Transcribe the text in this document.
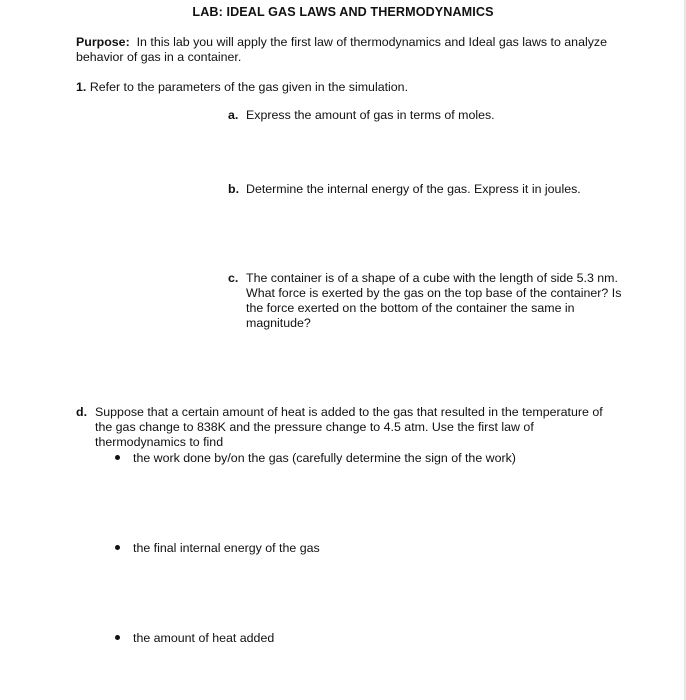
LAB: IDEAL GAS LAWS AND THERMODYNAMICS
Purpose: In this lab you will apply the first law of thermodynamics and Ideal gas laws to analyze behavior of gas in a container.
1. Refer to the parameters of the gas given in the simulation.
a. Express the amount of gas in terms of moles.
b. Determine the internal energy of the gas. Express it in joules.
c. The container is of a shape of a cube with the length of side 5.3 nm. What force is exerted by the gas on the top base of the container? Is the force exerted on the bottom of the container the same in magnitude?
d. Suppose that a certain amount of heat is added to the gas that resulted in the temperature of the gas change to 838K and the pressure change to 4.5 atm. Use the first law of thermodynamics to find
the work done by/on the gas (carefully determine the sign of the work)
the final internal energy of the gas
the amount of heat added
